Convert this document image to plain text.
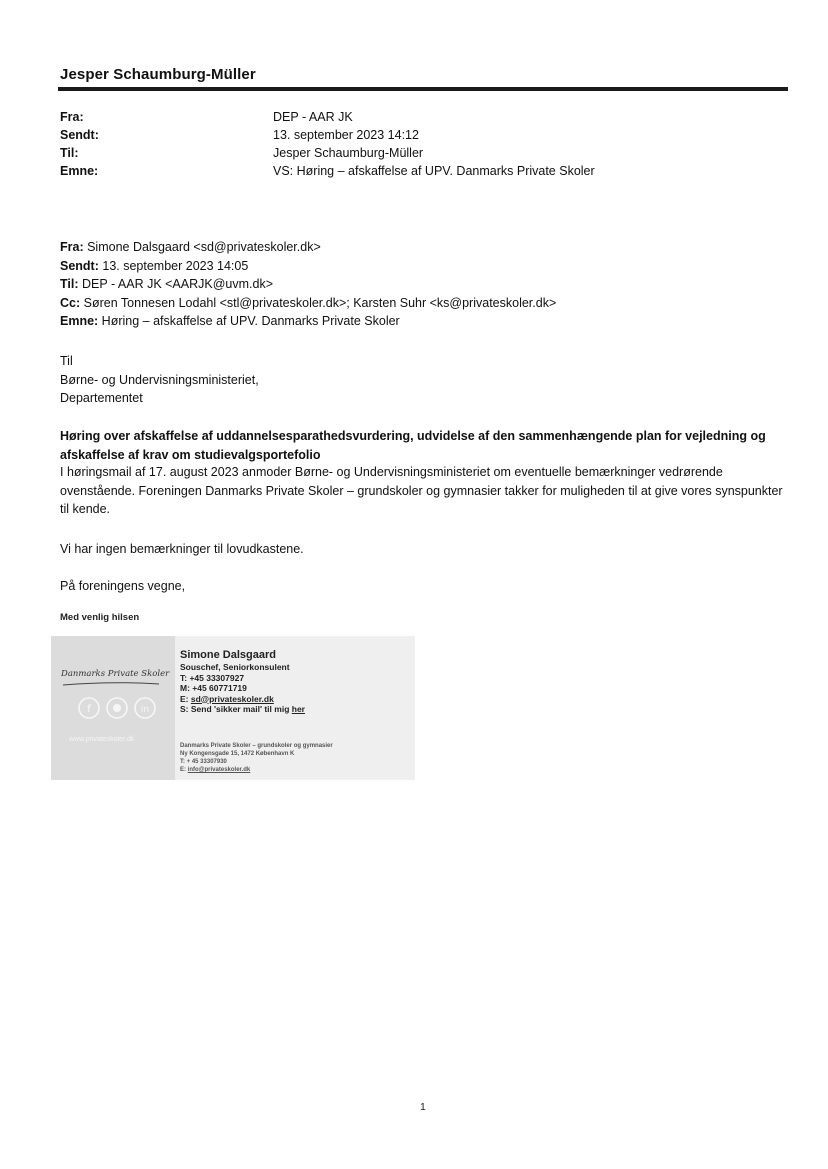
Jesper Schaumburg-Müller
Fra:	DEP - AAR JK
Sendt:	13. september 2023 14:12
Til:	Jesper Schaumburg-Müller
Emne:	VS: Høring – afskaffelse af UPV. Danmarks Private Skoler
Fra: Simone Dalsgaard <sd@privateskoler.dk>
Sendt: 13. september 2023 14:05
Til: DEP - AAR JK <AARJK@uvm.dk>
Cc: Søren Tonnesen Lodahl <stl@privateskoler.dk>; Karsten Suhr <ks@privateskoler.dk>
Emne: Høring – afskaffelse af UPV. Danmarks Private Skoler
Til
Børne- og Undervisningsministeriet,
Departementet
Høring over afskaffelse af uddannelsesparathedsvurdering, udvidelse af den sammenhængende plan for vejledning og afskaffelse af krav om studievalgsportefolio
I høringsmail af 17. august 2023 anmoder Børne- og Undervisningsministeriet om eventuelle bemærkninger vedrørende ovenstående. Foreningen Danmarks Private Skoler – grundskoler og gymnasier takker for muligheden til at give vores synspunkter til kende.
Vi har ingen bemærkninger til lovudkastene.
På foreningens vegne,
Med venlig hilsen
Danmarks Private Skoler
f	in
www.privateskoler.dk
Simone Dalsgaard
Souschef, Seniorkonsulent
T: +45 33307927
M: +45 60771719
E: sd@privateskoler.dk
S: Send 'sikker mail' til mig her
Danmarks Private Skoler – grundskoler og gymnasier
Ny Kongensgade 15, 1472 København K
T: + 45 33307930
E: info@privateskoler.dk
1
